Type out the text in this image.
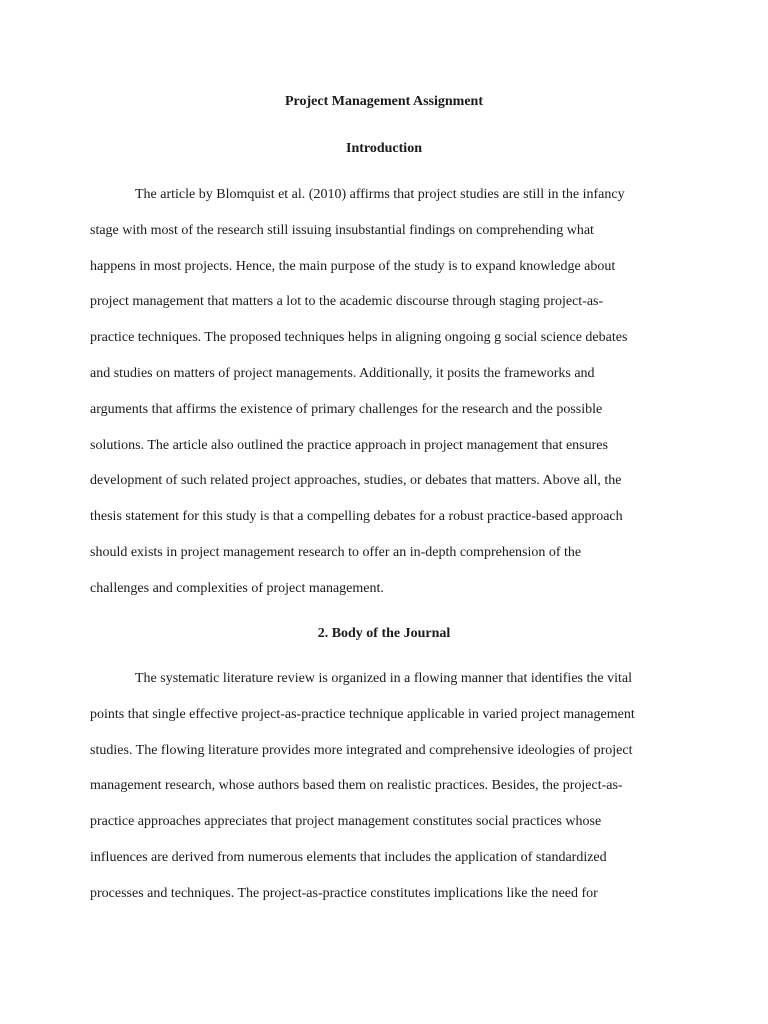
Project Management Assignment
Introduction
The article by Blomquist et al. (2010) affirms that project studies are still in the infancy
stage with most of the research still issuing insubstantial findings on comprehending what
happens in most projects. Hence, the main purpose of the study is to expand knowledge about
project management that matters a lot to the academic discourse through staging project-as-
practice techniques. The proposed techniques helps in aligning ongoing g social science debates
and studies on matters of project managements. Additionally, it posits the frameworks and
arguments that affirms the existence of primary challenges for the research and the possible
solutions. The article also outlined the practice approach in project management that ensures
development of such related project approaches, studies, or debates that matters. Above all, the
thesis statement for this study is that a compelling debates for a robust practice-based approach
should exists in project management research to offer an in-depth comprehension of the
challenges and complexities of project management.
2. Body of the Journal
The systematic literature review is organized in a flowing manner that identifies the vital
points that single effective project-as-practice technique applicable in varied project management
studies. The flowing literature provides more integrated and comprehensive ideologies of project
management research, whose authors based them on realistic practices. Besides, the project-as-
practice approaches appreciates that project management constitutes social practices whose
influences are derived from numerous elements that includes the application of standardized
processes and techniques. The project-as-practice constitutes implications like the need for
